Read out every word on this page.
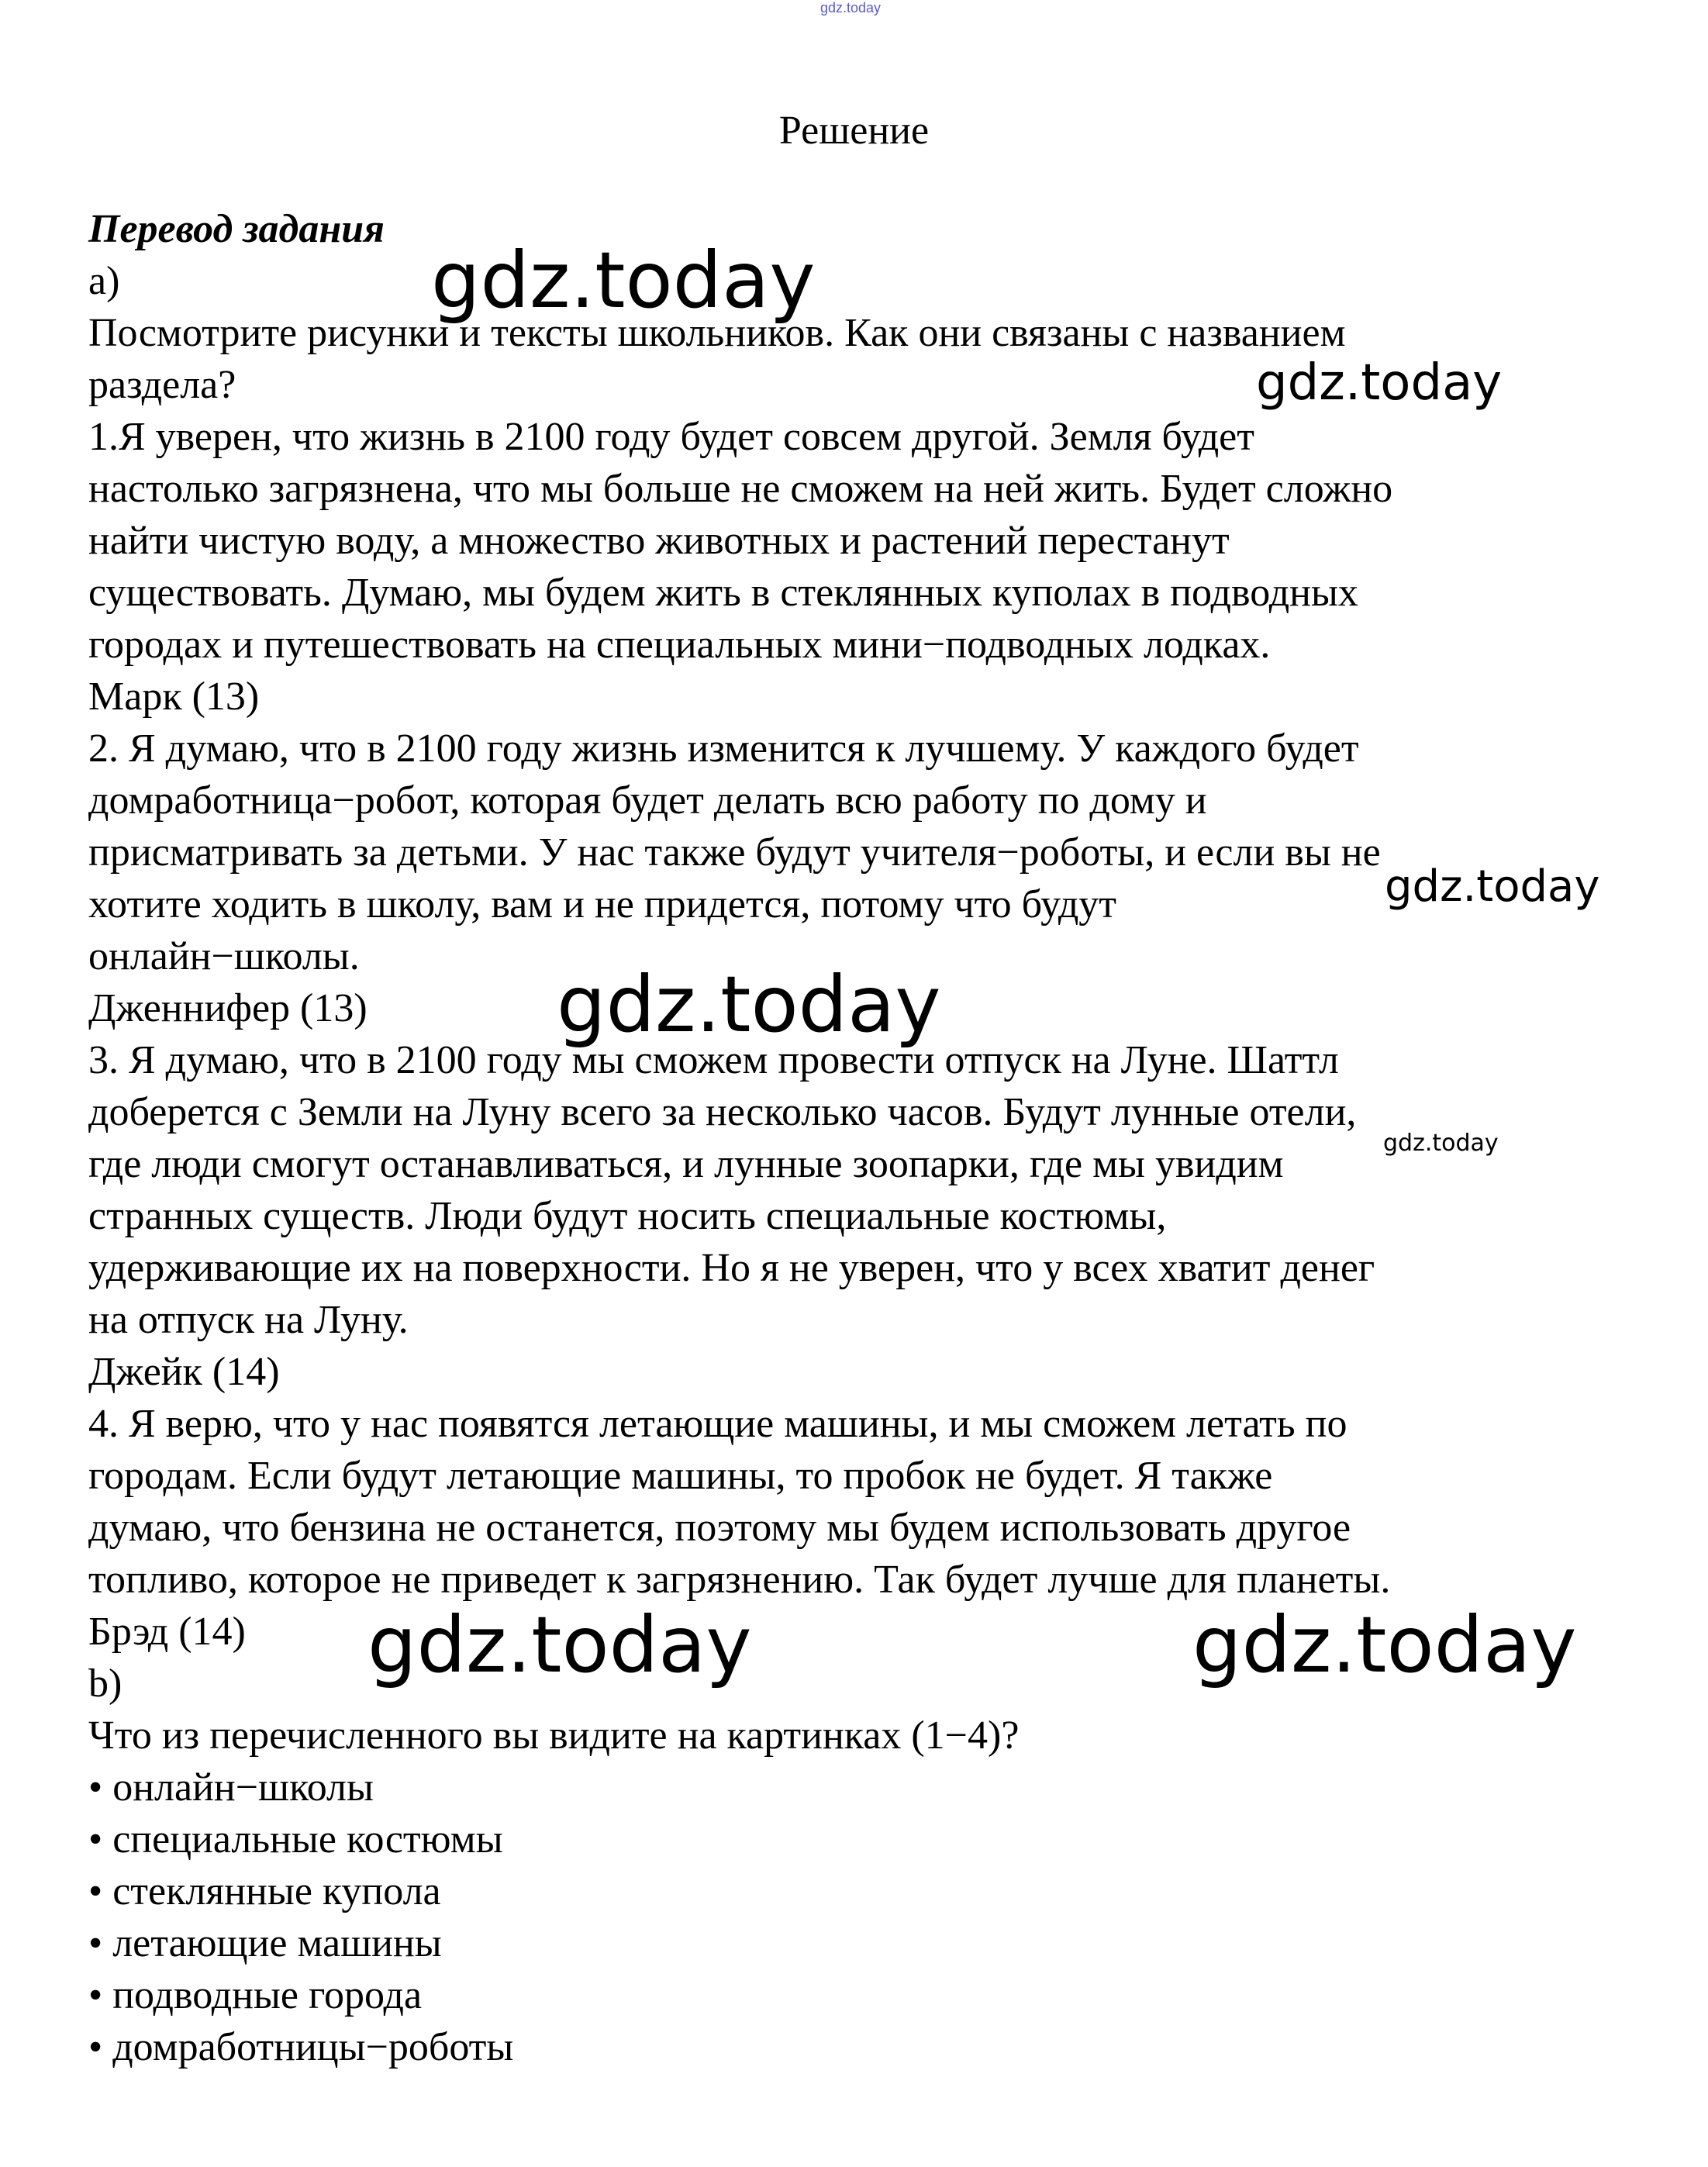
gdz.today
Решение
Перевод задания
a)
Посмотрите рисунки и тексты школьников. Как они связаны с названием
раздела?
1.Я уверен, что жизнь в 2100 году будет совсем другой. Земля будет
настолько загрязнена, что мы больше не сможем на ней жить. Будет сложно
найти чистую воду, а множество животных и растений перестанут
существовать. Думаю, мы будем жить в стеклянных куполах в подводных
городах и путешествовать на специальных мини−подводных лодках.
Марк (13)
2. Я думаю, что в 2100 году жизнь изменится к лучшему. У каждого будет
домработница−робот, которая будет делать всю работу по дому и
присматривать за детьми. У нас также будут учителя−роботы, и если вы не
хотите ходить в школу, вам и не придется, потому что будут
онлайн−школы.
Дженнифер (13)
3. Я думаю, что в 2100 году мы сможем провести отпуск на Луне. Шаттл
доберется с Земли на Луну всего за несколько часов. Будут лунные отели,
где люди смогут останавливаться, и лунные зоопарки, где мы увидим
странных существ. Люди будут носить специальные костюмы,
удерживающие их на поверхности. Но я не уверен, что у всех хватит денег
на отпуск на Луну.
Джейк (14)
4. Я верю, что у нас появятся летающие машины, и мы сможем летать по
городам. Если будут летающие машины, то пробок не будет. Я также
думаю, что бензина не останется, поэтому мы будем использовать другое
топливо, которое не приведет к загрязнению. Так будет лучше для планеты.
Брэд (14)
b)
Что из перечисленного вы видите на картинках (1−4)?
• онлайн−школы
• специальные костюмы
• стеклянные купола
• летающие машины
• подводные города
• домработницы−роботы
gdz.today
gdz.today
gdz.today
gdz.today
gdz.today
gdz.today	gdz.today
